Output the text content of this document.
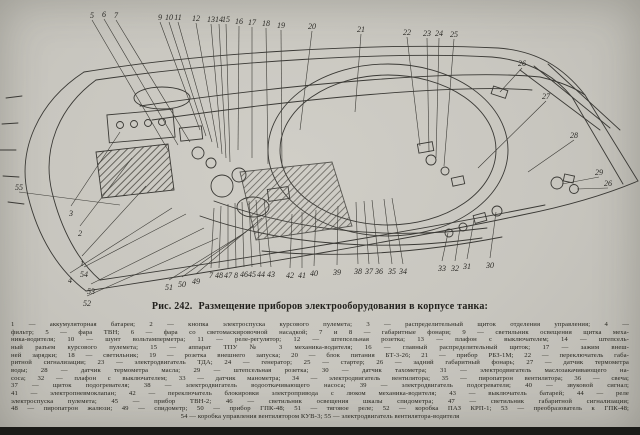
5 6 7	9 10 11 12 13 14 15 16 17 18 19	20	21	22 23 24 25
26
27
28
29
26
55
3
2
1
4
54
53
52
51 50 49
7 48 47 8 46 45 44 43 42 41 40 39 38 37 36 35 34	33 32 31 30
Рис. 242. Размещение приборов электрооборудования в корпусе танка:
1 — аккумуляторная батарея; 2 — кнопка электроспуска курсового пулемета; 3 — распределительный щиток отделения управления; 4 —
фильтр; 5 — фара ТВН; 6 — фара со светомаскировочной насадкой; 7 и 8 — габаритные фонари; 9 — светильник освещения щитка меха-
ника-водителя; 10 — шунт вольтамперметра; 11 — реле-регулятор; 12 — штепсельная розетка; 13 — плафон с выключателем; 14 — штепсель-
ный разъем курсового пулемета; 15 — аппарат ТПУ № 3 механика-водителя; 16 — главный распределительный щиток; 17 — зажим внеш-
ней зарядки; 18 — светильник; 19 — розетка внешнего запуска; 20 — блок питания БТ-3-26; 21 — прибор РБЗ-1М; 22 — переключатель габа-
ритной сигнализации; 23 — электродвигатель ТДА; 24 — генератор; 25 — стартер; 26 — задний габаритный фонарь; 27 — датчик термометра
воды; 28 — датчик термометра масла; 29 — штепсельная розетка; 30 — датчик тахометра; 31 — электродвигатель маслозакачивающего на-
соса; 32 — плафон с выключателем; 33 — датчик манометра; 34 — электродвигатель вентилятора; 35 — пиропатрон вентилятора; 36 — свеча;
37 — щиток подогревателя; 38 — электродвигатель водооткачивающего насоса; 39 — электродвигатель подогревателя; 40 — звуковой сигнал;
41 — электропневмоклапан; 42 — переключатель блокировки электропривода с люком механика-водителя; 43 — выключатель батарей; 44 — реле
электроспуска пулемета; 45 — прибор ТВН-2; 46 — светильник освещения шкалы спидометра; 47 — светильник габаритной сигнализации;
48 — пиропатрон жалюзи; 49 — спидометр; 50 — прибор ГПК-48; 51 — тяговое реле; 52 — коробка ПАЗ КРП-1; 53 — преобразователь к ГПК-48;
54 — коробка управления вентилятором КУВ-3; 55 — электродвигатель вентилятора-водителя
